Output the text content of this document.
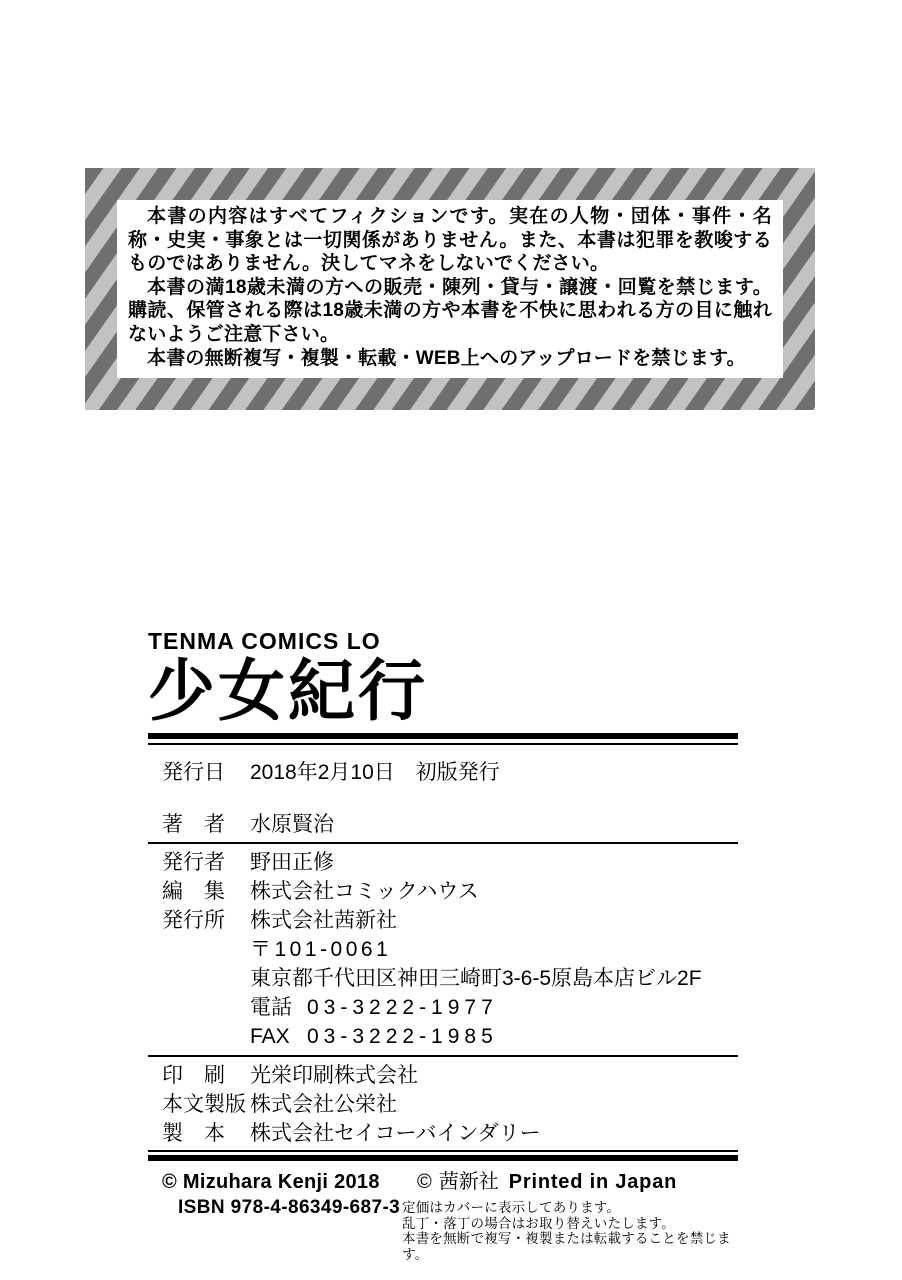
本書の内容はすべてフィクションです。実在の人物・団体・事件・名称・史実・事象とは一切関係がありません。また、本書は犯罪を教唆するものではありません。決してマネをしないでください。

本書の満18歳未満の方への販売・陳列・貸与・譲渡・回覧を禁じます。購読、保管される際は18歳未満の方や本書を不快に思われる方の目に触れないようご注意下さい。

本書の無断複写・複製・転載・WEB上へのアップロードを禁じます。

TENMA COMICS LO
少女紀行
発行日	2018年2月10日　初版発行
著　者	水原賢治
発行者	野田正修
編　集	株式会社コミックハウス
発行所	株式会社茜新社
〒101-0061
東京都千代田区神田三崎町3-6-5原島本店ビル2F
電話 03-3222-1977
FAX 03-3222-1985
印　刷	光栄印刷株式会社
本文製版 株式会社公栄社
製　本	株式会社セイコーバインダリー
© Mizuhara Kenji 2018
ISBN 978-4-86349-687-3
© 茜新社 Printed in Japan
定価はカバーに表示してあります。
乱丁・落丁の場合はお取り替えいたします。
本書を無断で複写・複製または転載することを禁じます。
